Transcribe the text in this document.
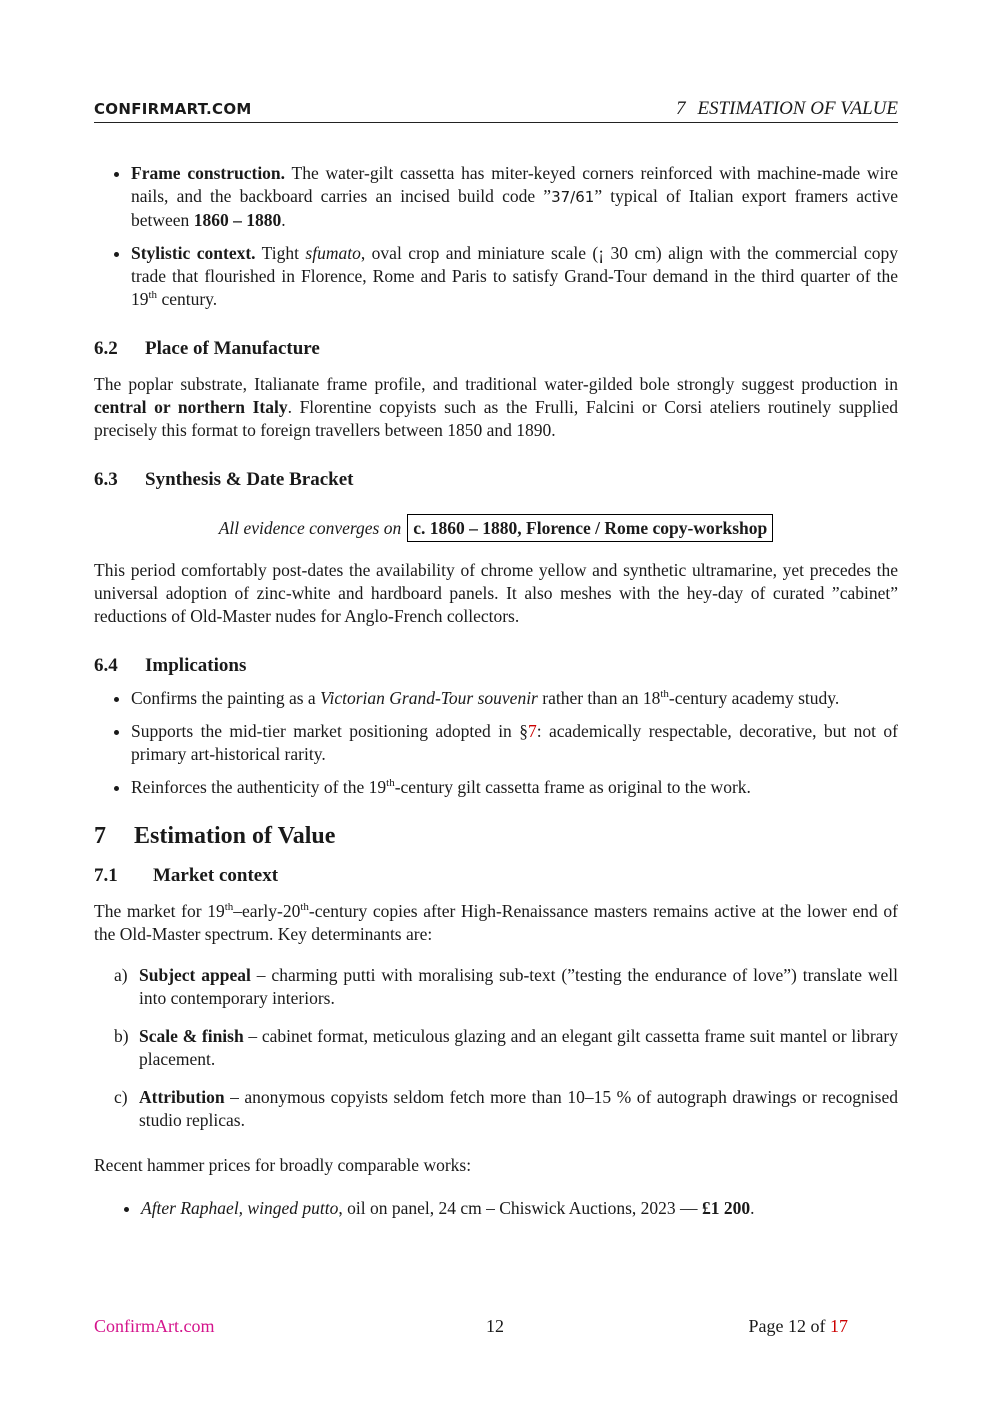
CONFIRMART.COM	7 ESTIMATION OF VALUE
• Frame construction. The water-gilt cassetta has miter-keyed corners reinforced with machine-made wire nails, and the backboard carries an incised build code ”37/61” typical of Italian export framers active between 1860 – 1880.
• Stylistic context. Tight sfumato, oval crop and miniature scale (¡ 30 cm) align with the commercial copy trade that flourished in Florence, Rome and Paris to satisfy Grand-Tour demand in the third quarter of the 19th century.
6.2 Place of Manufacture

The poplar substrate, Italianate frame profile, and traditional water-gilded bole strongly suggest production in central or northern Italy. Florentine copyists such as the Frulli, Falcini or Corsi ateliers routinely supplied precisely this format to foreign travellers between 1850 and 1890.

6.3 Synthesis & Date Bracket

All evidence converges on c. 1860 – 1880, Florence / Rome copy-workshop

This period comfortably post-dates the availability of chrome yellow and synthetic ultramarine, yet precedes the universal adoption of zinc-white and hardboard panels. It also meshes with the hey-day of curated ”cabinet” reductions of Old-Master nudes for Anglo-French collectors.

6.4 Implications
• Confirms the painting as a Victorian Grand-Tour souvenir rather than an 18th-century academy study.
• Supports the mid-tier market positioning adopted in §7: academically respectable, decorative, but not of primary art-historical rarity.
• Reinforces the authenticity of the 19th-century gilt cassetta frame as original to the work.
7 Estimation of Value
7.1 Market context

The market for 19th–early-20th-century copies after High-Renaissance masters remains active at the lower end of the Old-Master spectrum. Key determinants are:

a) Subject appeal – charming putti with moralising sub-text (”testing the endurance of love”) translate well into contemporary interiors.
b) Scale & finish – cabinet format, meticulous glazing and an elegant gilt cassetta frame suit mantel or library placement.
c) Attribution – anonymous copyists seldom fetch more than 10–15 % of autograph drawings or recognised studio replicas.

Recent hammer prices for broadly comparable works:

• After Raphael, winged putto, oil on panel, 24 cm – Chiswick Auctions, 2023 — £1 200.
ConfirmArt.com	12	Page 12 of 17
